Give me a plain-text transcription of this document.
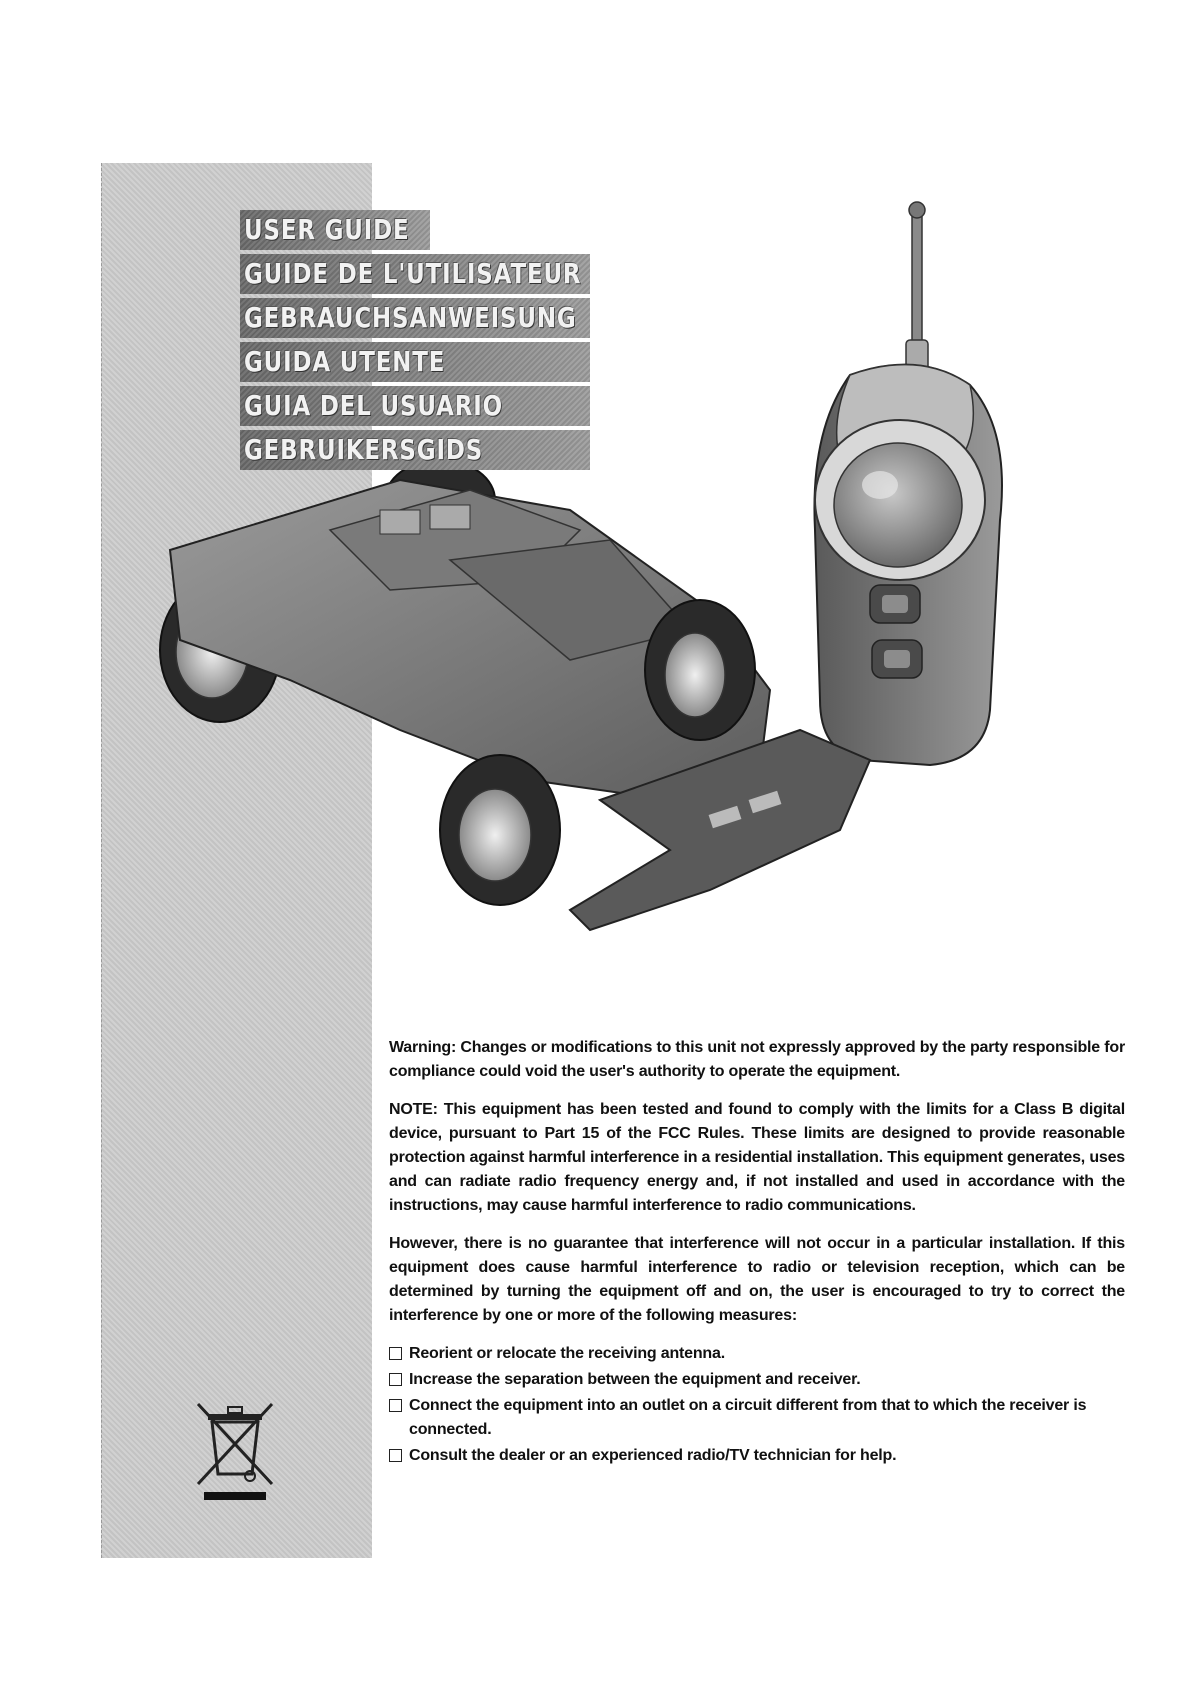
USER GUIDE
GUIDE DE L'UTILISATEUR
GEBRAUCHSANWEISUNG
GUIDA UTENTE
GUIA DEL USUARIO
GEBRUIKERSGIDS

Warning: Changes or modifications to this unit not expressly approved by the party responsible for compliance could void the user's authority to operate the equipment.

NOTE: This equipment has been tested and found to comply with the limits for a Class B digital device, pursuant to Part 15 of the FCC Rules. These limits are designed to provide reasonable protection against harmful interference in a residential installation. This equipment generates, uses and can radiate radio frequency energy and, if not installed and used in accordance with the instructions, may cause harmful interference to radio communications.

However, there is no guarantee that interference will not occur in a particular installation. If this equipment does cause harmful interference to radio or television reception, which can be determined by turning the equipment off and on, the user is encouraged to try to correct the interference by one or more of the following measures:

Reorient or relocate the receiving antenna.
Increase the separation between the equipment and receiver.
Connect the equipment into an outlet on a circuit different from that to which the receiver is connected.
Consult the dealer or an experienced radio/TV technician for help.
